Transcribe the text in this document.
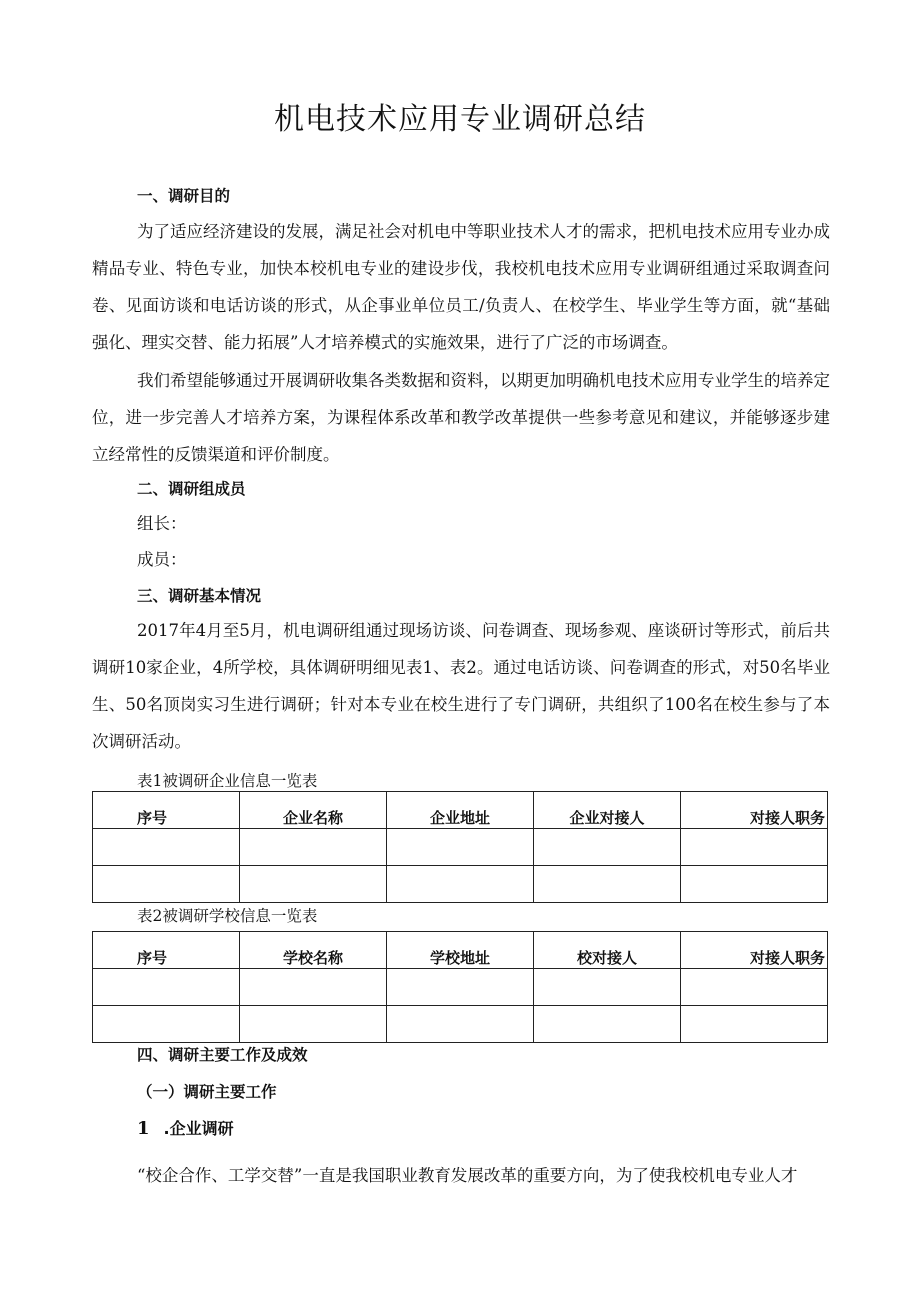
机电技术应用专业调研总结
一、调研目的

为了适应经济建设的发展，满足社会对机电中等职业技术人才的需求，把机电技术应用专业办成精品专业、特色专业，加快本校机电专业的建设步伐，我校机电技术应用专业调研组通过采取调查问卷、见面访谈和电话访谈的形式，从企事业单位员工/负责人、在校学生、毕业学生等方面，就“基础强化、理实交替、能力拓展”人才培养模式的实施效果，进行了广泛的市场调查。

我们希望能够通过开展调研收集各类数据和资料，以期更加明确机电技术应用专业学生的培养定位，进一步完善人才培养方案，为课程体系改革和教学改革提供一些参考意见和建议，并能够逐步建立经常性的反馈渠道和评价制度。

二、调研组成员
组长：
成员：
三、调研基本情况

2017年4月至5月，机电调研组通过现场访谈、问卷调查、现场参观、座谈研讨等形式，前后共调研10家企业，4所学校，具体调研明细见表1、表2。通过电话访谈、问卷调查的形式，对50名毕业生、50名顶岗实习生进行调研；针对本专业在校生进行了专门调研，共组织了100名在校生参与了本次调研活动。

表1被调研企业信息一览表
序号	企业名称	企业地址	企业对接人	对接人职务

表2被调研学校信息一览表
序号	学校名称	学校地址	校对接人	对接人职务

四、调研主要工作及成效
（一）调研主要工作
1 .企业调研

“校企合作、工学交替”一直是我国职业教育发展改革的重要方向，为了使我校机电专业人才
